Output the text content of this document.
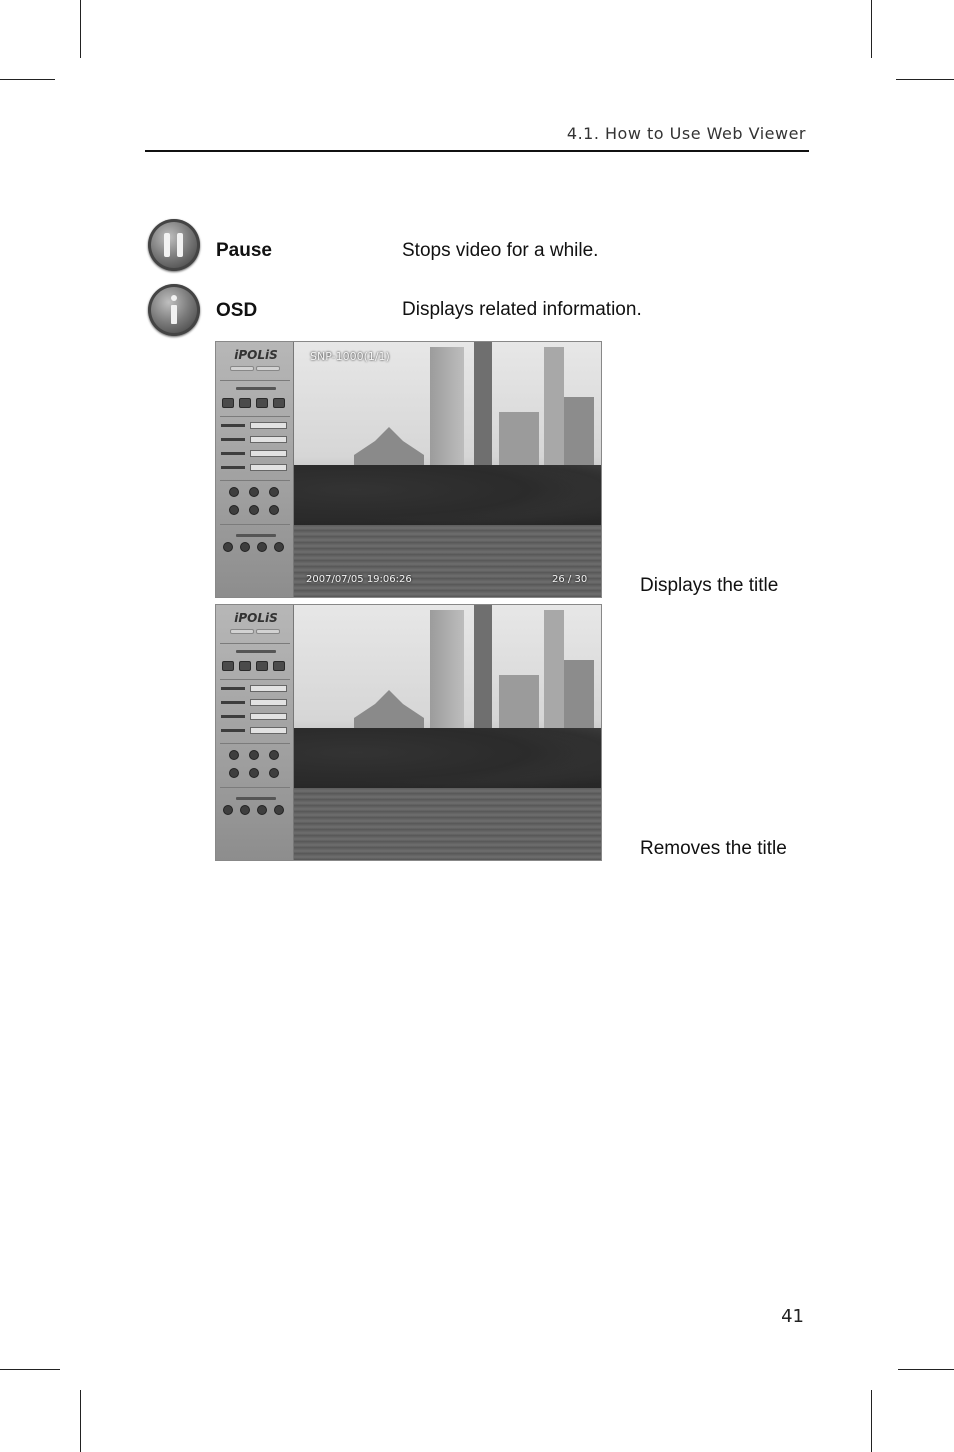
4.1. How to Use Web Viewer
Pause	Stops video for a while.
OSD	Displays related information.
iPOLiS	SNP-1000(1/1)
2007/07/05 19:06:26	26 / 30	Displays the title
iPOLiS
Removes the title
41
